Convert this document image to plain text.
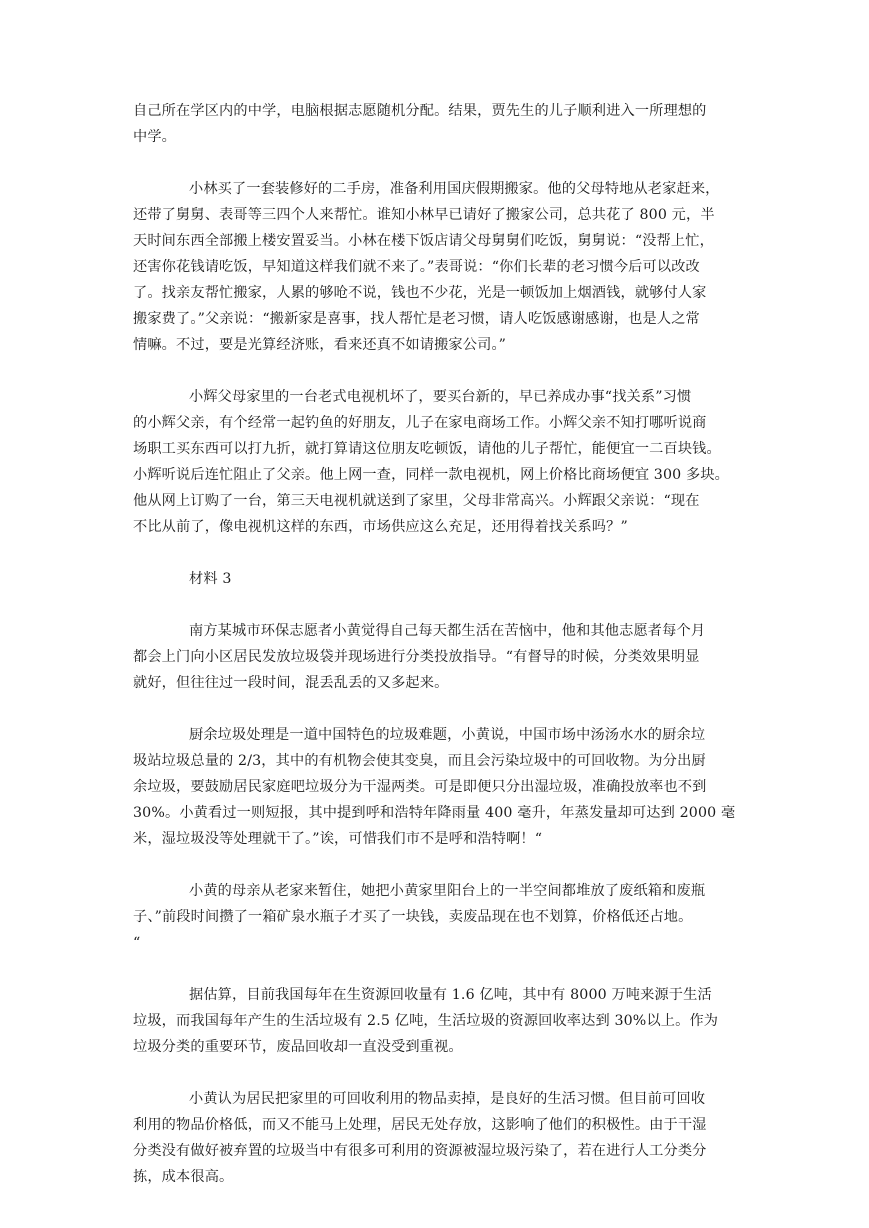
自己所在学区内的中学，电脑根据志愿随机分配。结果，贾先生的儿子顺利进入一所理想的
中学。
小林买了一套装修好的二手房，准备利用国庆假期搬家。他的父母特地从老家赶来，
还带了舅舅、表哥等三四个人来帮忙。谁知小林早已请好了搬家公司，总共花了 800 元，半
天时间东西全部搬上楼安置妥当。小林在楼下饭店请父母舅舅们吃饭，舅舅说：“没帮上忙，
还害你花钱请吃饭，早知道这样我们就不来了。”表哥说：“你们长辈的老习惯今后可以改改
了。找亲友帮忙搬家，人累的够呛不说，钱也不少花，光是一顿饭加上烟酒钱，就够付人家
搬家费了。”父亲说：“搬新家是喜事，找人帮忙是老习惯，请人吃饭感谢感谢，也是人之常
情嘛。不过，要是光算经济账，看来还真不如请搬家公司。”
小辉父母家里的一台老式电视机坏了，要买台新的，早已养成办事“找关系”习惯
的小辉父亲，有个经常一起钓鱼的好朋友，儿子在家电商场工作。小辉父亲不知打哪听说商
场职工买东西可以打九折，就打算请这位朋友吃顿饭，请他的儿子帮忙，能便宜一二百块钱。
小辉听说后连忙阻止了父亲。他上网一查，同样一款电视机，网上价格比商场便宜 300 多块。
他从网上订购了一台，第三天电视机就送到了家里，父母非常高兴。小辉跟父亲说：“现在
不比从前了，像电视机这样的东西，市场供应这么充足，还用得着找关系吗？”
材料 3
南方某城市环保志愿者小黄觉得自己每天都生活在苦恼中，他和其他志愿者每个月
都会上门向小区居民发放垃圾袋并现场进行分类投放指导。“有督导的时候，分类效果明显
就好，但往往过一段时间，混丢乱丢的又多起来。
厨余垃圾处理是一道中国特色的垃圾难题，小黄说，中国市场中汤汤水水的厨余垃
圾站垃圾总量的 2/3，其中的有机物会使其变臭，而且会污染垃圾中的可回收物。为分出厨
余垃圾，要鼓励居民家庭吧垃圾分为干湿两类。可是即便只分出湿垃圾，准确投放率也不到
30%。小黄看过一则短报，其中提到呼和浩特年降雨量 400 毫升，年蒸发量却可达到 2000 毫
米，湿垃圾没等处理就干了。”诶，可惜我们市不是呼和浩特啊！“
小黄的母亲从老家来暂住，她把小黄家里阳台上的一半空间都堆放了废纸箱和废瓶
子、”前段时间攒了一箱矿泉水瓶子才买了一块钱，卖废品现在也不划算，价格低还占地。
“
据估算，目前我国每年在生资源回收量有 1.6 亿吨，其中有 8000 万吨来源于生活
垃圾，而我国每年产生的生活垃圾有 2.5 亿吨，生活垃圾的资源回收率达到 30%以上。作为
垃圾分类的重要环节，废品回收却一直没受到重视。
小黄认为居民把家里的可回收利用的物品卖掉，是良好的生活习惯。但目前可回收
利用的物品价格低，而又不能马上处理，居民无处存放，这影响了他们的积极性。由于干湿
分类没有做好被弃置的垃圾当中有很多可利用的资源被湿垃圾污染了，若在进行人工分类分
拣，成本很高。
